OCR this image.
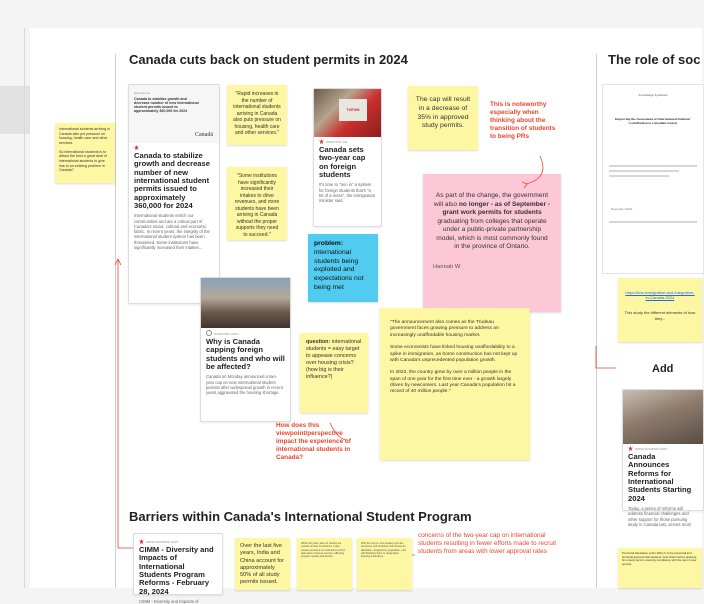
Canada cuts back on student permits in 2024
Barriers within Canada's International Student Program
The role of soc
International students arriving in Canada also put pressure on housing, health care and other services.
So international students is to attract the best a great deal of international students to give rise to an existing problem in Canada?
www.cbc.ca
Canada to stabilize growth and decrease number of new international student permits issued to approximately 360,000 for 2024
Canadä
Canada to stabilize growth and decrease number of new international student permits issued to approximately 360,000 for 2024
International students enrich our communities and are a critical part of Canada's social, cultural and economic fabric. In recent years, the integrity of the international student system has been threatened. Some institutions have significantly increased their intakes...
"Rapid increases in the number of international students arriving in Canada also puts pressure on housing, health care and other services."
"Some institutions have significantly increased their intakes to drive revenues, and more students have been arriving in Canada without the proper supports they need to succeed."
TUITION
www.cbc.ca
Canada sets two-year cap on foreign students
It's time to "rein in" a system for foreign students that's "a bit of a mess", the immigration minister said.
problem:
international students being exploited and expectations not being met
The cap will result in a decrease of 35% in approved study permits.
This is noteworthy especially when thinking about the transition of students to being PRs
As part of the change, the government will also no longer - as of September - grant work permits for students graduating from colleges that operate under a public-private partnership model, which is most commonly found in the province of Ontario.
Hannah W
www.bbc.com
Why is Canada capping foreign students and who will be affected?
Canada on Monday announced a two-year cap on new international student permits after widespread growth in recent years aggravated the housing shortage.
question: international students = easy target to appease concerns over housing crisis? (how big is their influence?)
"The announcement also comes as the Trudeau government faces growing pressure to address an increasingly unaffordable housing market.
Some economists have linked housing unaffordability to a spike in immigration, as home construction has not kept up with Canada's unprecedented population growth.
In 2022, the country grew by over a million people in the span of one year for the first time ever - a growth largely driven by newcomers. Last year Canada's population hit a record of 40 million people."
How does this viewpoint/perspective impact the experience of international students in Canada?
www.cicnews.com
CIMM - Diversity and Impacts of International Students Program Reforms - February 28, 2024
CIMM - Diversity and Impacts of
Over the last five years, India and China account for approximately 50% of all study permits issued.
While the policy aims to reduce the overall number of students, it also creates pressure on institutions to find alternative revenue sources, affecting program quality and access.
With the cap on new student permits, provinces and territories will receive an allocation, weighted by population, and will distribute them to designated learning institutions.
concerns of the two-year cap on international students resulting in fewer efforts made to recruit students from areas with lower approval rates
Knowledge Synthesis
Improving the Assessment of International Students' Contribution to Canadian Society
December 2022
https://lms.immigration-and-integration-in-Canada-2024
This study the different elements of how they...
Add
www.cicnews.com
Canada Announces Reforms for International Students Starting 2024
Today, a series of reforms will address financial challenges and other support for those pursuing study in Canada last, across most
Provincial Attestation Letter (PAL) It is the provincial and territorial approval that students must obtain before applying for a study permit, ensuring compliance with the cap on new permits.
